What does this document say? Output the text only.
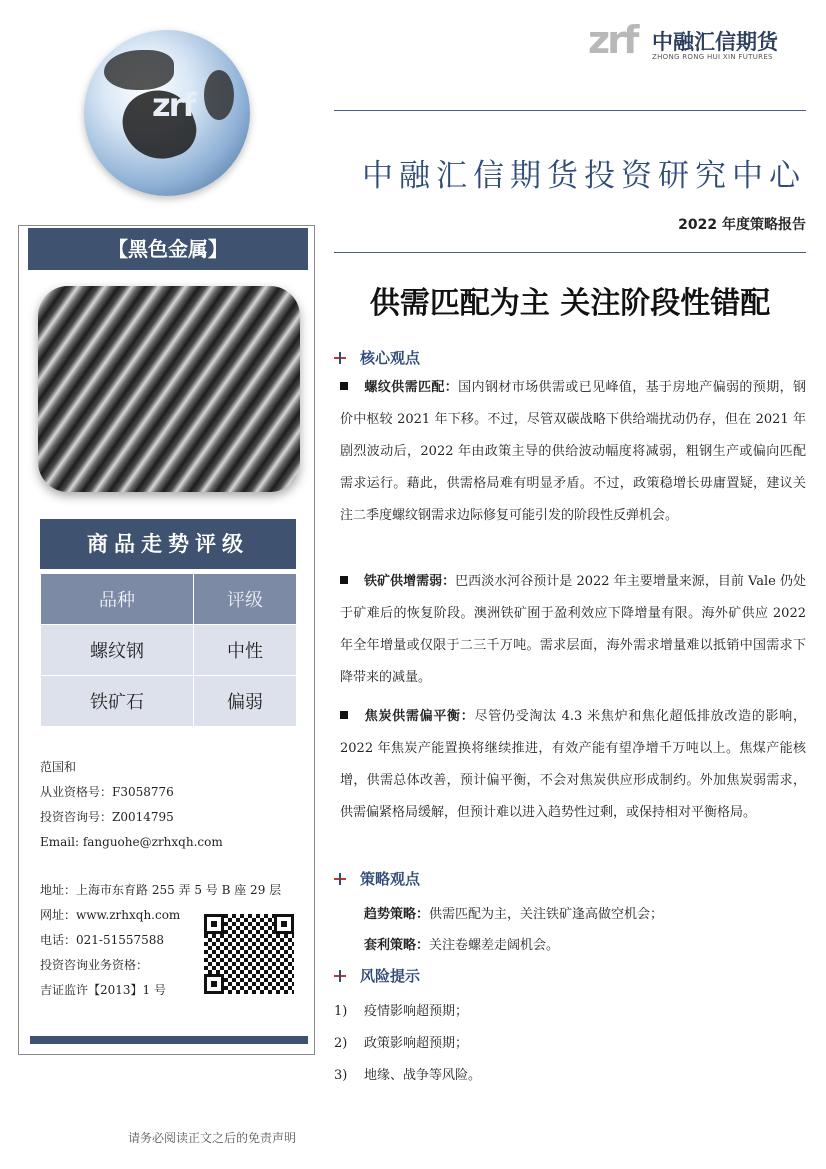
zrf
zrf 中融汇信期货
ZHONG RONG HUI XIN FUTURES
中融汇信期货投资研究中心
2022 年度策略报告
供需匹配为主 关注阶段性错配
【黑色金属】
商品走势评级
品种	评级
螺纹钢	中性
铁矿石	偏弱
范国和
从业资格号：F3058776
投资咨询号：Z0014795
Email: fanguohe@zrhxqh.com
地址：上海市东育路 255 弄 5 号 B 座 29 层
网址：www.zrhxqh.com
电话：021-51557588
投资咨询业务资格：
吉证监许【2013】1 号
核心观点
螺纹供需匹配：国内钢材市场供需或已见峰值，基于房地产偏弱的预期，钢价中枢较 2021 年下移。不过，尽管双碳战略下供给端扰动仍存，但在 2021 年剧烈波动后，2022 年由政策主导的供给波动幅度将减弱，粗钢生产或偏向匹配需求运行。藉此，供需格局难有明显矛盾。不过，政策稳增长毋庸置疑，建议关注二季度螺纹钢需求边际修复可能引发的阶段性反弹机会。
铁矿供增需弱：巴西淡水河谷预计是 2022 年主要增量来源，目前 Vale 仍处于矿难后的恢复阶段。澳洲铁矿囿于盈利效应下降增量有限。海外矿供应 2022 年全年增量或仅限于二三千万吨。需求层面，海外需求增量难以抵销中国需求下降带来的减量。
焦炭供需偏平衡：尽管仍受淘汰 4.3 米焦炉和焦化超低排放改造的影响，2022 年焦炭产能置换将继续推进，有效产能有望净增千万吨以上。焦煤产能核增，供需总体改善，预计偏平衡，不会对焦炭供应形成制约。外加焦炭弱需求，供需偏紧格局缓解，但预计难以进入趋势性过剩，或保持相对平衡格局。
策略观点
趋势策略：供需匹配为主，关注铁矿逢高做空机会；
套利策略：关注卷螺差走阔机会。
风险提示
1) 疫情影响超预期；
2) 政策影响超预期；
3) 地缘、战争等风险。
请务必阅读正文之后的免责声明
